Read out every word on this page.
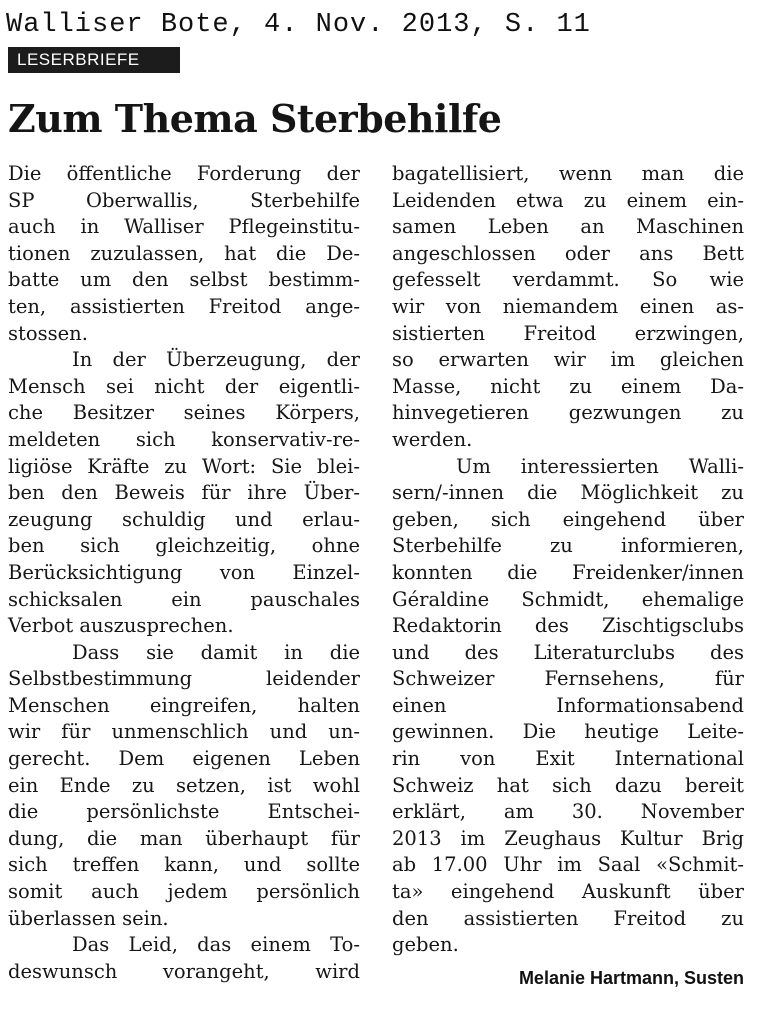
Walliser Bote, 4. Nov. 2013, S. 11
LESERBRIEFE
Zum Thema Sterbehilfe
Die öffentliche Forderung der
SP Oberwallis, Sterbehilfe
auch in Walliser Pflegeinstitu-
tionen zuzulassen, hat die De-
batte um den selbst bestimm-
ten, assistierten Freitod ange-
stossen.
In der Überzeugung, der
Mensch sei nicht der eigentli-
che Besitzer seines Körpers,
meldeten sich konservativ-re-
ligiöse Kräfte zu Wort: Sie blei-
ben den Beweis für ihre Über-
zeugung schuldig und erlau-
ben sich gleichzeitig, ohne
Berücksichtigung von Einzel-
schicksalen ein pauschales
Verbot auszusprechen.
Dass sie damit in die
Selbstbestimmung leidender
Menschen eingreifen, halten
wir für unmenschlich und un-
gerecht. Dem eigenen Leben
ein Ende zu setzen, ist wohl
die persönlichste Entschei-
dung, die man überhaupt für
sich treffen kann, und sollte
somit auch jedem persönlich
überlassen sein.
Das Leid, das einem To-
deswunsch vorangeht, wird
bagatellisiert, wenn man die
Leidenden etwa zu einem ein-
samen Leben an Maschinen
angeschlossen oder ans Bett
gefesselt verdammt. So wie
wir von niemandem einen as-
sistierten Freitod erzwingen,
so erwarten wir im gleichen
Masse, nicht zu einem Da-
hinvegetieren gezwungen zu
werden.
Um interessierten Walli-
sern/-innen die Möglichkeit zu
geben, sich eingehend über
Sterbehilfe zu informieren,
konnten die Freidenker/innen
Géraldine Schmidt, ehemalige
Redaktorin des Zischtigsclubs
und des Literaturclubs des
Schweizer Fernsehens, für
einen Informationsabend
gewinnen. Die heutige Leite-
rin von Exit International
Schweiz hat sich dazu bereit
erklärt, am 30. November
2013 im Zeughaus Kultur Brig
ab 17.00 Uhr im Saal «Schmit-
ta» eingehend Auskunft über
den assistierten Freitod zu
geben.
Melanie Hartmann, Susten
